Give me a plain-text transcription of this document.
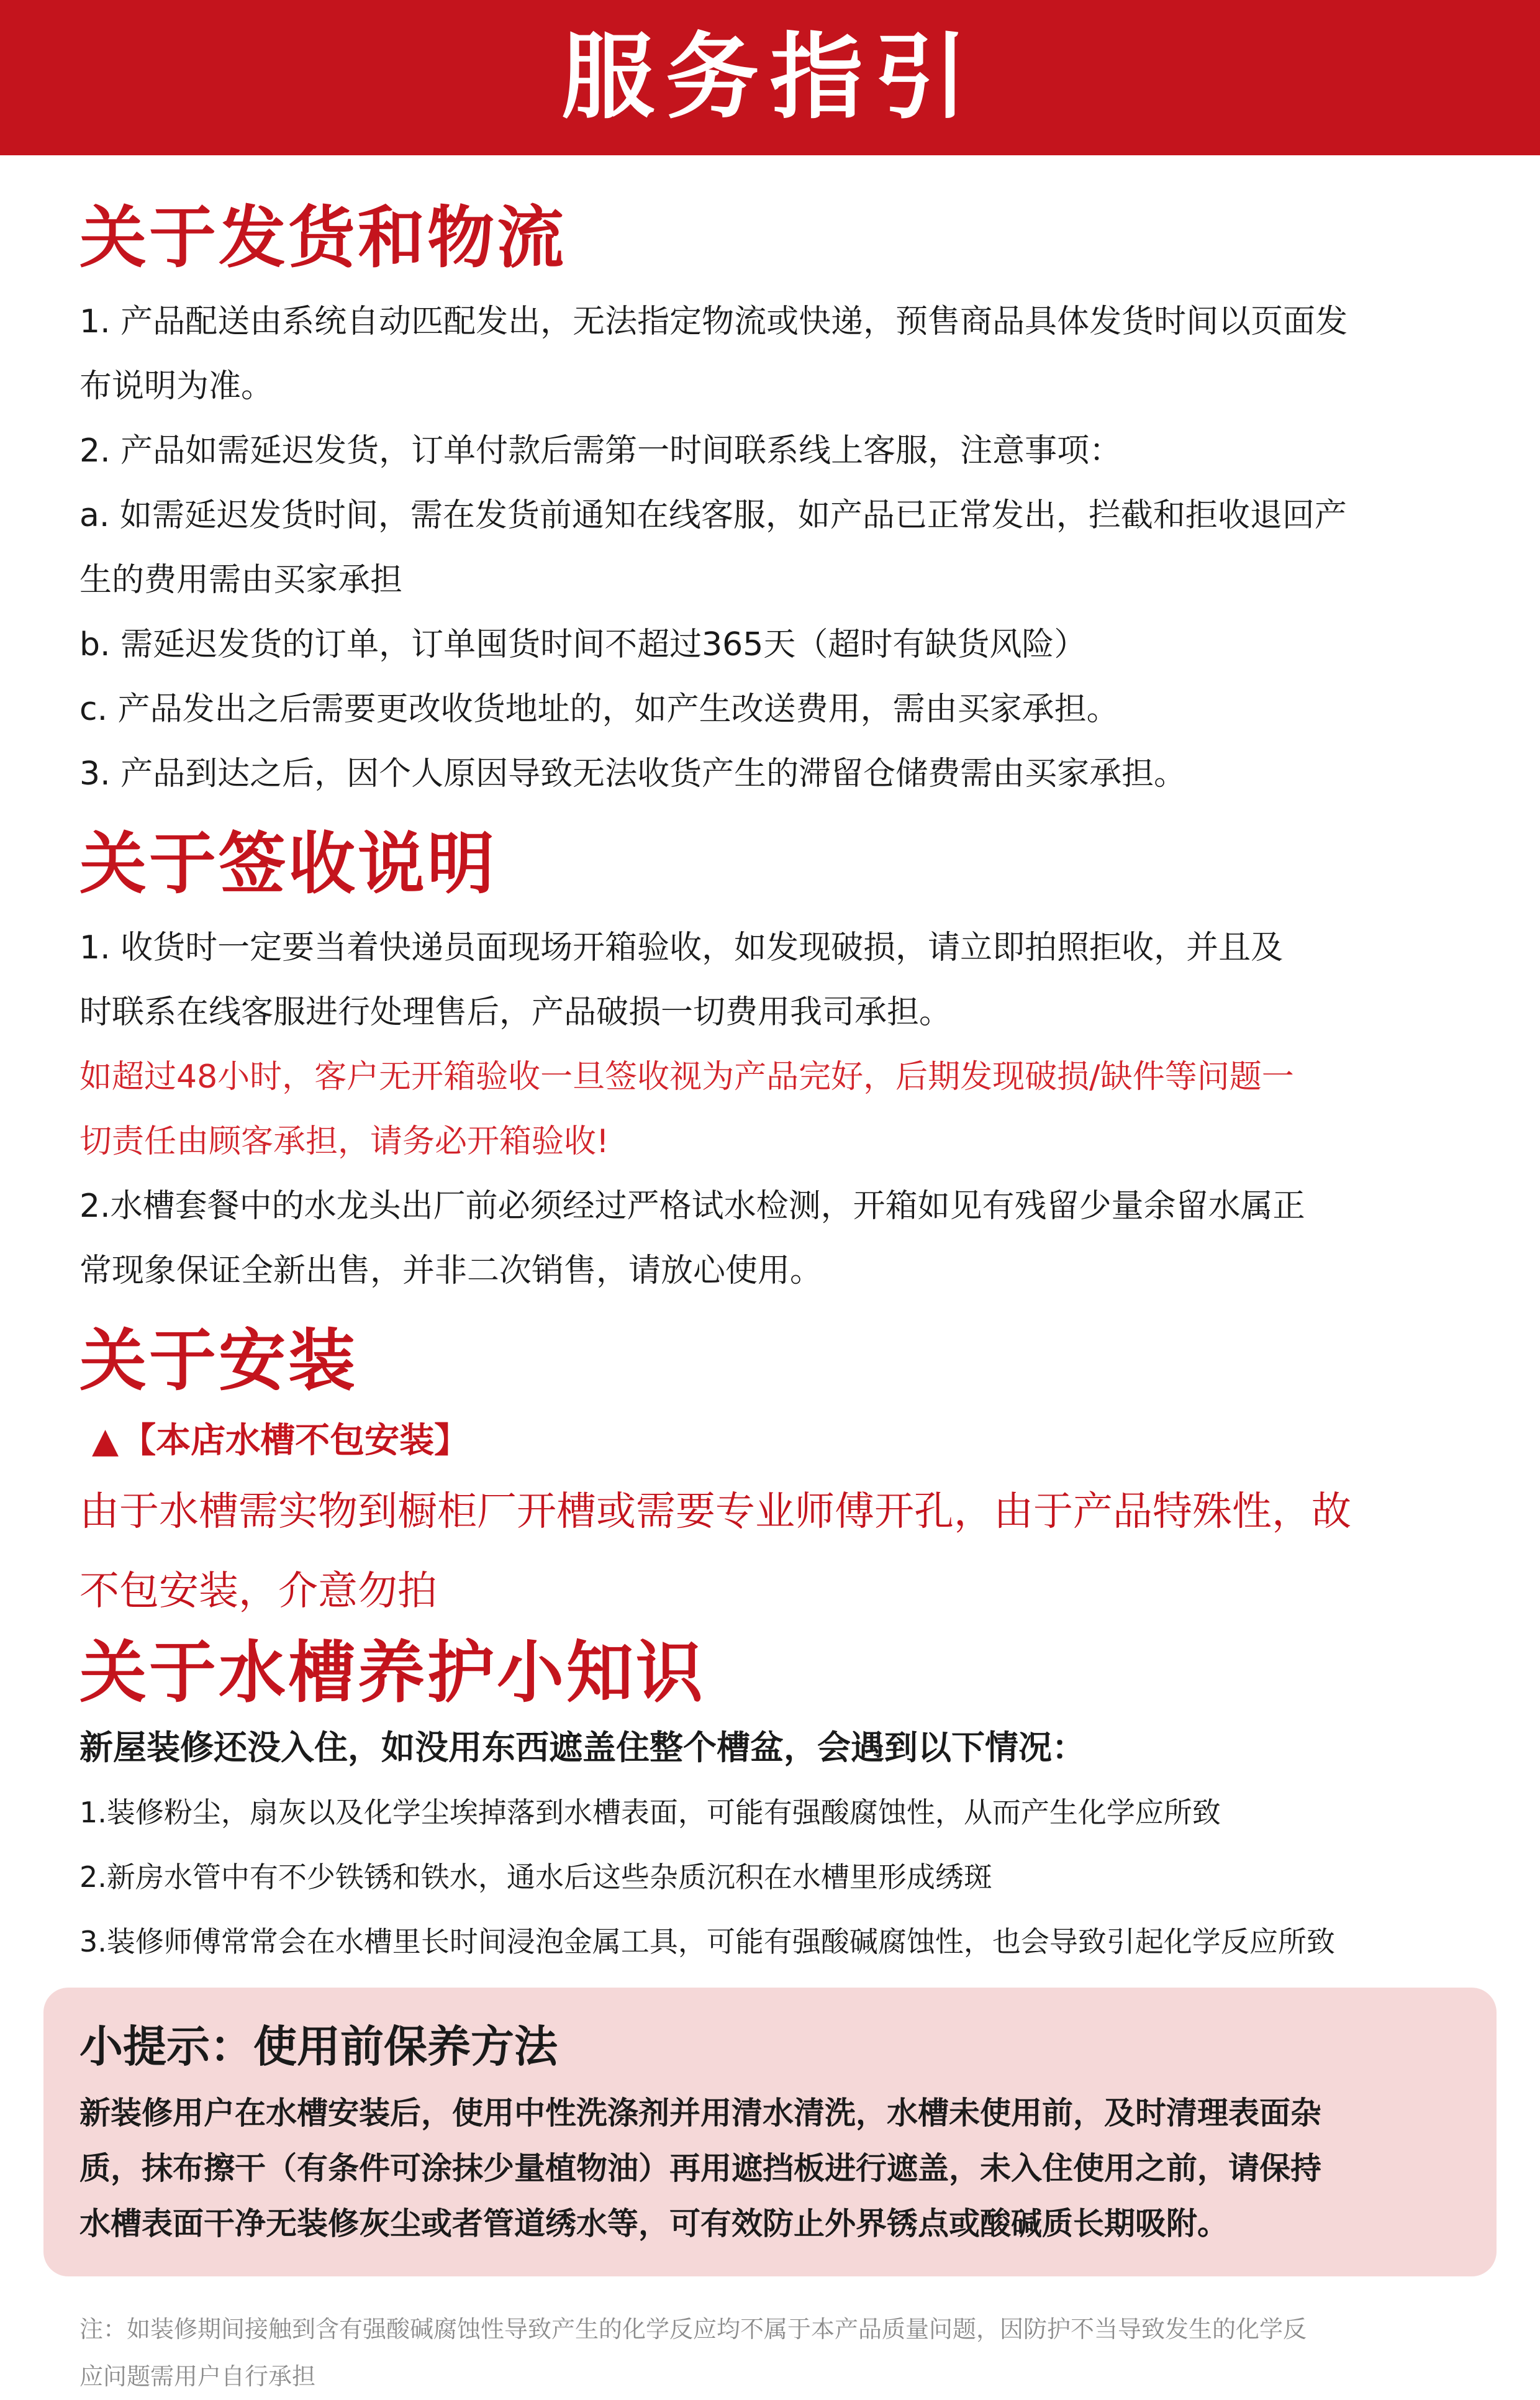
服务指引
关于发货和物流

1. 产品配送由系统自动匹配发出，无法指定物流或快递，预售商品具体发货时间以页面发

布说明为准。

2. 产品如需延迟发货，订单付款后需第一时间联系线上客服，注意事项：

a. 如需延迟发货时间，需在发货前通知在线客服，如产品已正常发出，拦截和拒收退回产

生的费用需由买家承担

b. 需延迟发货的订单，订单囤货时间不超过365天（超时有缺货风险）

c. 产品发出之后需要更改收货地址的，如产生改送费用，需由买家承担。

3. 产品到达之后，因个人原因导致无法收货产生的滞留仓储费需由买家承担。

关于签收说明

1. 收货时一定要当着快递员面现场开箱验收，如发现破损，请立即拍照拒收，并且及

时联系在线客服进行处理售后，产品破损一切费用我司承担。

如超过48小时，客户无开箱验收一旦签收视为产品完好，后期发现破损/缺件等问题一

切责任由顾客承担，请务必开箱验收!

2.水槽套餐中的水龙头出厂前必须经过严格试水检测，开箱如见有残留少量余留水属正

常现象保证全新出售，并非二次销售，请放心使用。

关于安装

▲【本店水槽不包安装】

由于水槽需实物到橱柜厂开槽或需要专业师傅开孔，由于产品特殊性，故

不包安装，介意勿拍

关于水槽养护小知识

新屋装修还没入住，如没用东西遮盖住整个槽盆，会遇到以下情况：

1.装修粉尘，扇灰以及化学尘埃掉落到水槽表面，可能有强酸腐蚀性，从而产生化学应所致

2.新房水管中有不少铁锈和铁水，通水后这些杂质沉积在水槽里形成绣斑

3.装修师傅常常会在水槽里长时间浸泡金属工具，可能有强酸碱腐蚀性，也会导致引起化学反应所致

小提示：使用前保养方法

新装修用户在水槽安装后，使用中性洗涤剂并用清水清洗，水槽未使用前，及时清理表面杂

质，抹布擦干（有条件可涂抹少量植物油）再用遮挡板进行遮盖，未入住使用之前，请保持

水槽表面干净无装修灰尘或者管道绣水等，可有效防止外界锈点或酸碱质长期吸附。

注：如装修期间接触到含有强酸碱腐蚀性导致产生的化学反应均不属于本产品质量问题，因防护不当导致发生的化学反
应问题需用户自行承担
